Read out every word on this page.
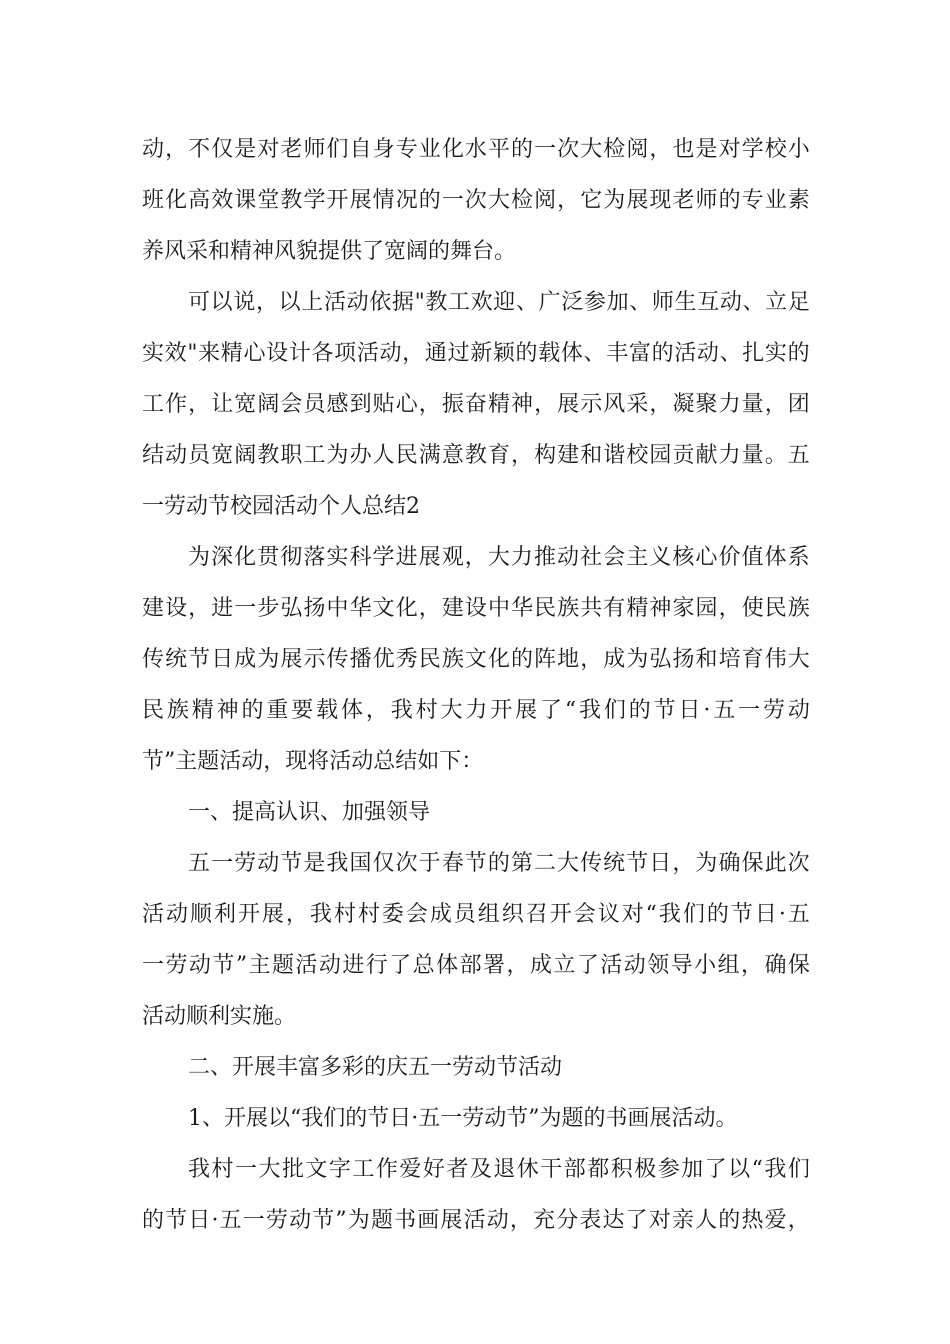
动 ， 不 仅 是 对 老 师 们 自 身 专 业 化 水 平 的 一 次 大 检 阅 ， 也 是 对 学 校 小
班 化 高 效 课 堂 教 学 开 展 情 况 的 一 次 大 检 阅 ， 它 为 展 现 老 师 的 专 业 素
养风采和精神风貌提供了宽阔的舞台。
可 以 说 ， 以 上 活 动 依 据 " 教 工 欢 迎 、 广 泛 参 加 、 师 生 互 动 、 立 足
实 效 " 来 精 心 设 计 各 项 活 动 ， 通 过 新 颖 的 载 体 、 丰 富 的 活 动 、 扎 实 的
工 作 ， 让 宽 阔 会 员 感 到 贴 心 ， 振 奋 精 神 ， 展 示 风 采 ， 凝 聚 力 量 ， 团
结 动 员 宽 阔 教 职 工 为 办 人 民 满 意 教 育 ， 构 建 和 谐 校 园 贡 献 力 量 。 五
一劳动节校园活动个人总结2
为 深 化 贯 彻 落 实 科 学 进 展 观 ， 大 力 推 动 社 会 主 义 核 心 价 值 体 系
建 设 ， 进 一 步 弘 扬 中 华 文 化 ， 建 设 中 华 民 族 共 有 精 神 家 园 ， 使 民 族
传 统 节 日 成 为 展 示 传 播 优 秀 民 族 文 化 的 阵 地 ， 成 为 弘 扬 和 培 育 伟 大
民 族 精 神 的 重 要 载 体 ， 我 村 大 力 开 展 了 “ 我 们 的 节 日 · 五 一 劳 动
节”主题活动，现将活动总结如下：
一、提高认识、加强领导
五 一 劳 动 节 是 我 国 仅 次 于 春 节 的 第 二 大 传 统 节 日 ， 为 确 保 此 次
活 动 顺 利 开 展 ， 我 村 村 委 会 成 员 组 织 召 开 会 议 对 “ 我 们 的 节 日 · 五
一 劳 动 节 ” 主 题 活 动 进 行 了 总 体 部 署 ， 成 立 了 活 动 领 导 小 组 ， 确 保
活动顺利实施。
二、开展丰富多彩的庆五一劳动节活动
1、开展以“我们的节日·五一劳动节”为题的书画展活动。
我 村 一 大 批 文 字 工 作 爱 好 者 及 退 休 干 部 都 积 极 参 加 了 以 “ 我 们
的 节 日 · 五 一 劳 动 节 ” 为 题 书 画 展 活 动 ， 充 分 表 达 了 对 亲 人 的 热 爱 ，
